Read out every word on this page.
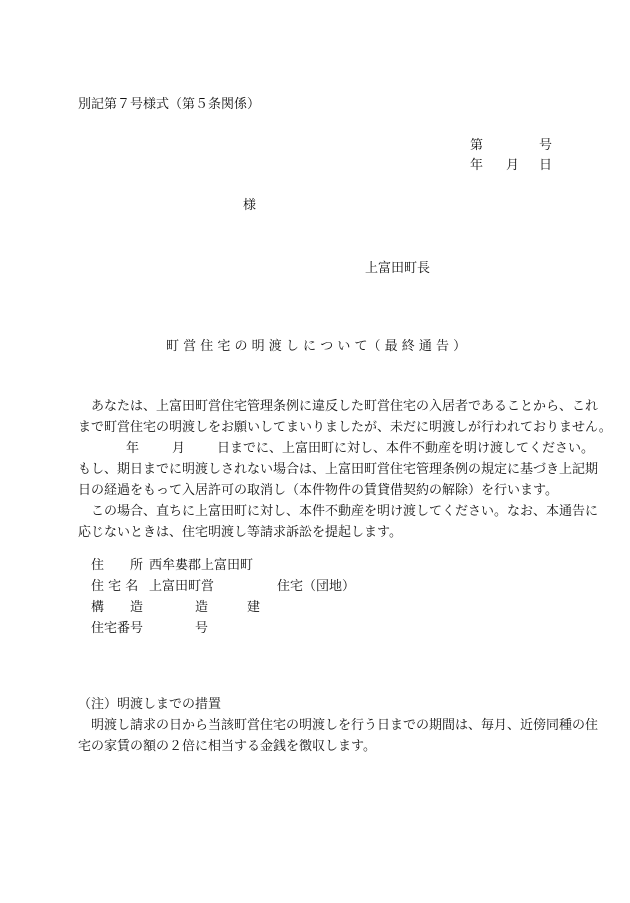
別記第７号様式（第５条関係）
第	号
年 月 日
様
上富田町長
町 営 住 宅 の 明 渡 し に つ い て（ 最 終 通 告 ）
あなたは、上富田町営住宅管理条例に違反した町営住宅の入居者であることから、これ
まで町営住宅の明渡しをお願いしてまいりましたが、未だに明渡しが行われておりません。
年	月 日までに、上富田町に対し、本件不動産を明け渡してください。
もし、期日までに明渡しされない場合は、上富田町営住宅管理条例の規定に基づき上記期
日の経過をもって入居許可の取消し（本件物件の賃貸借契約の解除）を行います。
この場合、直ちに上富田町に対し、本件不動産を明け渡してください。なお、本通告に
応じないときは、住宅明渡し等請求訴訟を提起します。
住　　所 西牟婁郡上富田町
住 宅 名 上富田町営	住宅（団地）
構　　造	造　　　建
住宅番号	号
（注）明渡しまでの措置
明渡し請求の日から当該町営住宅の明渡しを行う日までの期間は、毎月、近傍同種の住
宅の家賃の額の２倍に相当する金銭を徴収します。
